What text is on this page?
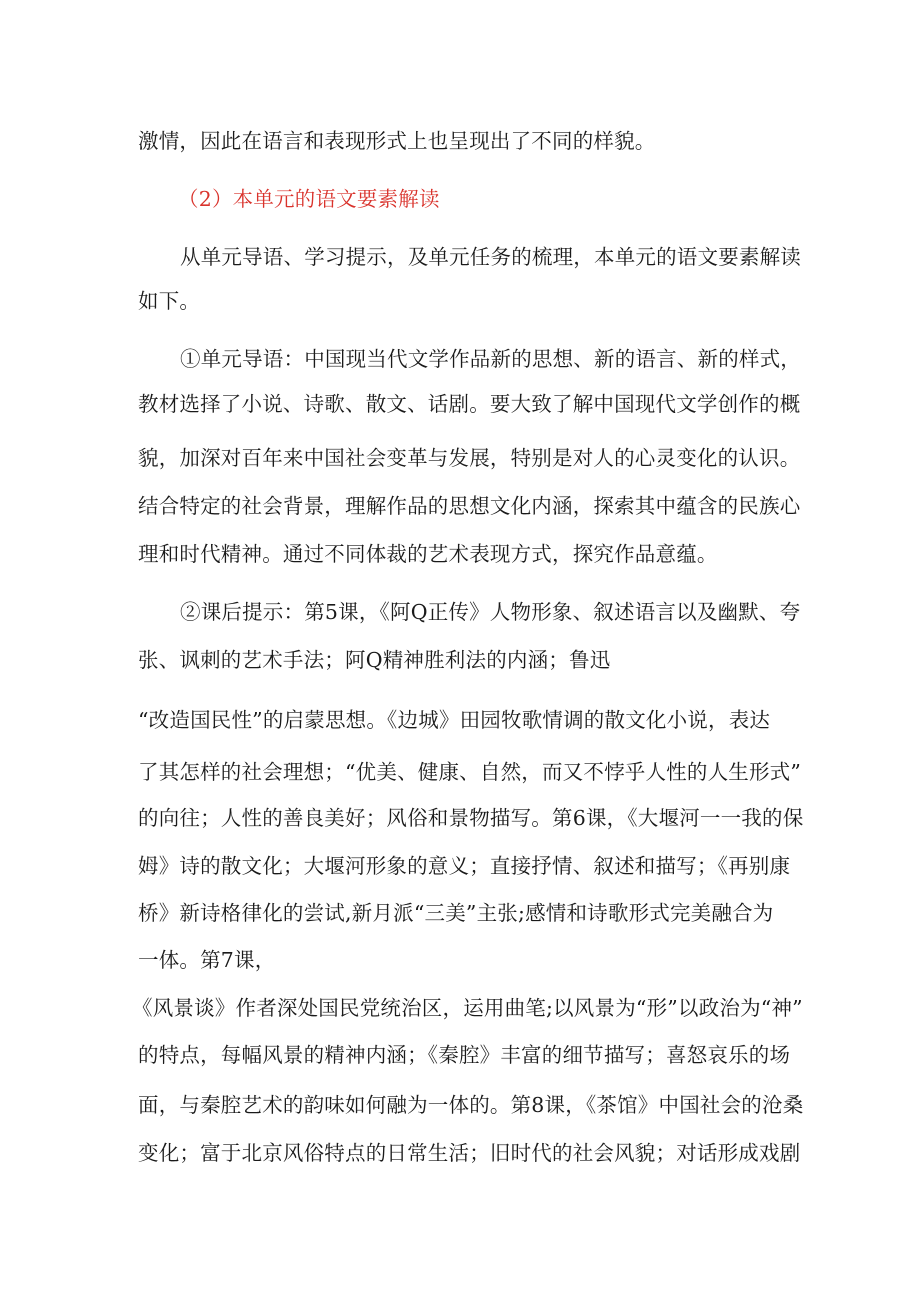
激情，因此在语言和表现形式上也呈现出了不同的样貌。
（2）本单元的语文要素解读
从单元导语、学习提示，及单元任务的梳理，本单元的语文要素解读
如下。
①单元导语：中国现当代文学作品新的思想、新的语言、新的样式，
教材选择了小说、诗歌、散文、话剧。要大致了解中国现代文学创作的概
貌，加深对百年来中国社会变革与发展，特别是对人的心灵变化的认识。
结合特定的社会背景，理解作品的思想文化内涵，探索其中蕴含的民族心
理和时代精神。通过不同体裁的艺术表现方式，探究作品意蕴。
②课后提示：第5课，《阿Q正传》人物形象、叙述语言以及幽默、夸
张、讽刺的艺术手法；阿Q精神胜利法的内涵；鲁迅
“改造国民性”的启蒙思想。《边城》田园牧歌情调的散文化小说，表达
了其怎样的社会理想；“优美、健康、自然，而又不悖乎人性的人生形式”
的向往；人性的善良美好；风俗和景物描写。第6课，《大堰河一一我的保
姆》诗的散文化；大堰河形象的意义；直接抒情、叙述和描写；《再别康
桥》新诗格律化的尝试,新月派“三美”主张;感情和诗歌形式完美融合为
一体。第7课，
《风景谈》作者深处国民党统治区，运用曲笔;以风景为“形”以政治为“神”
的特点，每幅风景的精神内涵；《秦腔》丰富的细节描写；喜怒哀乐的场
面，与秦腔艺术的韵味如何融为一体的。第8课，《茶馆》中国社会的沧桑
变化；富于北京风俗特点的日常生活；旧时代的社会风貌；对话形成戏剧
